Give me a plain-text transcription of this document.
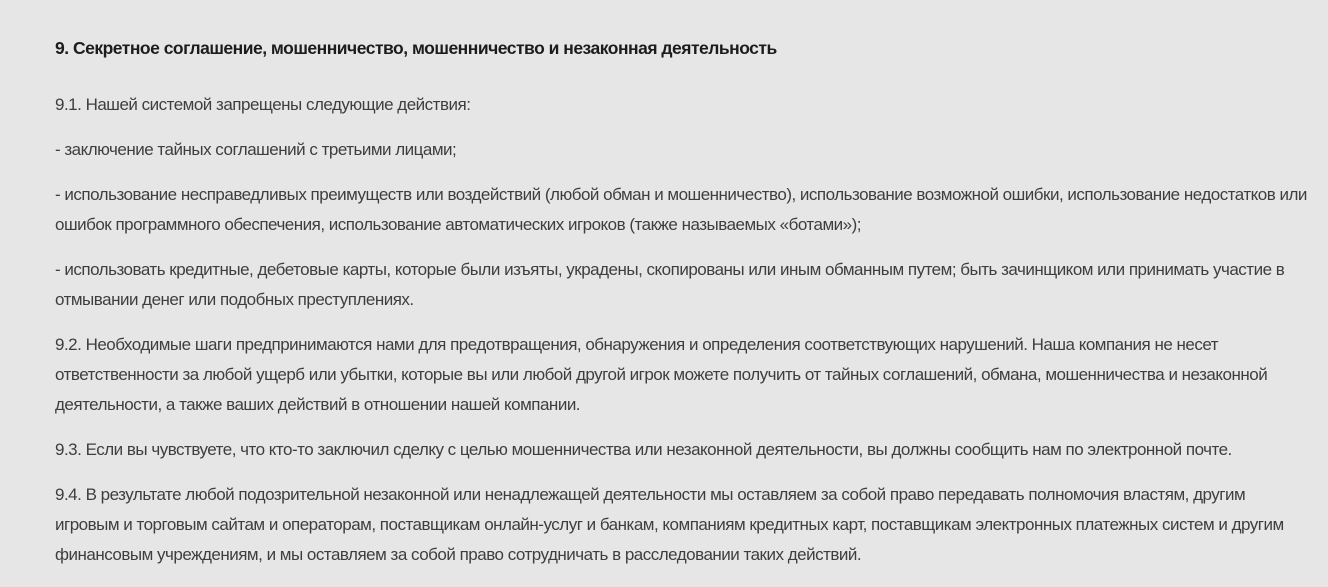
9. Секретное соглашение, мошенничество, мошенничество и незаконная деятельность

9.1. Нашей системой запрещены следующие действия:

- заключение тайных соглашений с третьими лицами;

- использование несправедливых преимуществ или воздействий (любой обман и мошенничество), использование возможной ошибки, использование недостатков или ошибок программного обеспечения, использование автоматических игроков (также называемых «ботами»);

- использовать кредитные, дебетовые карты, которые были изъяты, украдены, скопированы или иным обманным путем; быть зачинщиком или принимать участие в отмывании денег или подобных преступлениях.

9.2. Необходимые шаги предпринимаются нами для предотвращения, обнаружения и определения соответствующих нарушений. Наша компания не несет ответственности за любой ущерб или убытки, которые вы или любой другой игрок можете получить от тайных соглашений, обмана, мошенничества и незаконной деятельности, а также ваших действий в отношении нашей компании.

9.3. Если вы чувствуете, что кто-то заключил сделку с целью мошенничества или незаконной деятельности, вы должны сообщить нам по электронной почте.

9.4. В результате любой подозрительной незаконной или ненадлежащей деятельности мы оставляем за собой право передавать полномочия властям, другим игровым и торговым сайтам и операторам, поставщикам онлайн-услуг и банкам, компаниям кредитных карт, поставщикам электронных платежных систем и другим финансовым учреждениям, и мы оставляем за собой право сотрудничать в расследовании таких действий.
